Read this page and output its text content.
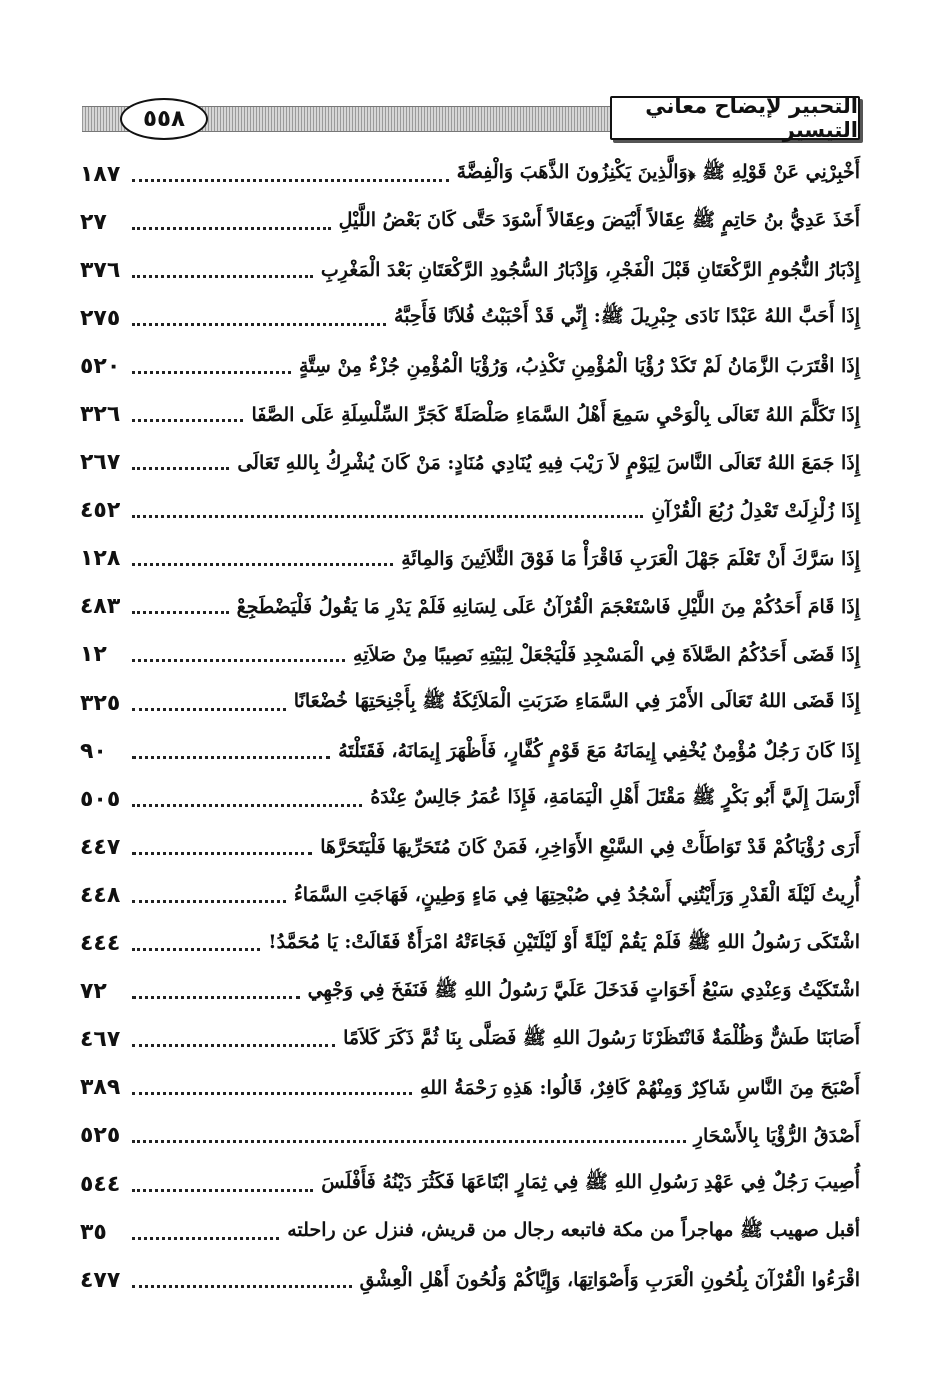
٥٥٨	التحبير لإيضاح معاني التيسير
أَخْبِرْنِي عَنْ قَوْلِهِ ﷺ ﴿وَالَّذِينَ يَكْنِزُونَ الذَّهَبَ وَالْفِضَّةَ
١٨٧
أَخَذَ عَدِيُّ بنُ حَاتِمٍ ﷺ عِقَالاً أَبْيَضَ وعِقَالاً أَسْوَدَ حَتَّى كَانَ بَعْضُ اللَّيْلِ
٢٧
إِدْبَارُ النُّجُومِ الرَّكْعَتَانِ قَبْلَ الْفَجْرِ، وَإِدْبَارُ السُّجُودِ الرَّكْعَتَانِ بَعْدَ الْمَغْرِبِ
٣٧٦
إِذَا أَحَبَّ اللهُ عَبْدًا نَادَى جِبْرِيلَ ﷺ: إِنِّي قَدْ أَحْبَبْتُ فُلاَنًا فَأَحِبَّهُ
٢٧٥
إِذَا اقْتَرَبَ الزَّمَانُ لَمْ تَكَدْ رُؤْيَا الْمُؤْمِنِ تَكْذِبُ، وَرُؤْيَا الْمُؤْمِنِ جُزْءٌ مِنْ سِتَّةٍ
٥٢٠
إِذَا تَكَلَّمَ اللهُ تَعَالَى بِالْوَحْيِ سَمِعَ أَهْلُ السَّمَاءِ صَلْصَلَةً كَجَرِّ السِّلْسِلَةِ عَلَى الصَّفَا
٣٢٦
إِذَا جَمَعَ اللهُ تَعَالَى النَّاسَ لِيَوْمٍ لاَ رَيْبَ فِيهِ يُنَادِي مُنَادٍ: مَنْ كَانَ يُشْرِكُ بِاللهِ تَعَالَى
٢٦٧
إِذَا زُلْزِلَتْ تَعْدِلُ رُبُعَ الْقُرْآنِ
٤٥٢
إِذَا سَرَّكَ أَنْ تَعْلَمَ جَهْلَ الْعَرَبِ فَاقْرَأْ مَا فَوْقَ الثَّلاَثِينَ وَالمِائَةِ
١٢٨
إِذَا قَامَ أَحَدُكُمْ مِنَ اللَّيْلِ فَاسْتَعْجَمَ الْقُرْآنُ عَلَى لِسَانِهِ فَلَمْ يَدْرِ مَا يَقُولُ فَلْيَضْطَجِعْ
٤٨٣
إِذَا قَضَى أَحَدُكُمُ الصَّلاَةَ فِي الْمَسْجِدِ فَلْيَجْعَلْ لِبَيْتِهِ نَصِيبًا مِنْ صَلاَتِهِ
١٢
إِذَا قَضَى اللهُ تَعَالَى الأَمْرَ فِي السَّمَاءِ ضَرَبَتِ الْمَلاَئِكَةُ ﷺ بِأَجْنِحَتِهَا خُضْعَانًا
٣٢٥
إِذَا كَانَ رَجُلٌ مُؤْمِنٌ يُخْفِي إِيمَانَهُ مَعَ قَوْمٍ كُفَّارٍ، فَأَظْهَرَ إِيمَانَهُ، فَقَتَلْتَهُ
٩٠
أَرْسَلَ إِلَيَّ أَبُو بَكْرٍ ﷺ مَقْتَلَ أَهْلِ الْيَمَامَةِ، فَإِذَا عُمَرُ جَالِسٌ عِنْدَهُ
٥٠٥
أَرَى رُؤْيَاكُمْ قَدْ تَوَاطَأَتْ فِي السَّبْعِ الأَوَاخِرِ، فَمَنْ كَانَ مُتَحَرِّيهَا فَلْيَتَحَرَّهَا
٤٤٧
أُرِيتُ لَيْلَةَ الْقَدْرِ وَرَأَيْتُنِي أَسْجُدُ فِي صُبْحِتِهَا فِي مَاءٍ وَطِينٍ، فَهَاجَتِ السَّمَاءُ
٤٤٨
اشْتَكَى رَسُولُ اللهِ ﷺ فَلَمْ يَقُمْ لَيْلَةً أَوْ لَيْلَتَيْنِ فَجَاءَتْهُ امْرَأَةٌ فَقَالَتْ: يَا مُحَمَّدُ!
٤٤٤
اشْتَكَيْتُ وَعِنْدِي سَبْعُ أَخَوَاتٍ فَدَخَلَ عَلَيَّ رَسُولُ اللهِ ﷺ فَنَفَخَ فِي وَجْهِي
٧٢
أَصَابَنَا طَشٌّ وَظُلْمَةٌ فَانْتَظَرْنَا رَسُولَ اللهِ ﷺ فَصَلَّى بِنَا ثُمَّ ذَكَرَ كَلاَمًا
٤٦٧
أَصْبَحَ مِنَ النَّاسِ شَاكِرٌ وَمِنْهُمْ كَافِرٌ، قَالُوا: هَذِهِ رَحْمَةُ اللهِ
٣٨٩
أَصْدَقُ الرُّؤْيَا بِالأَسْحَارِ
٥٢٥
أُصِيبَ رَجُلٌ فِي عَهْدِ رَسُولِ اللهِ ﷺ فِي ثِمَارٍ ابْتَاعَهَا فَكَثُرَ دَيْنُهُ فَأَفْلَسَ
٥٤٤
أقبل صهيب ﷺ مهاجراً من مكة فاتبعه رجال من قريش، فنزل عن راحلته
٣٥
اقْرَءُوا الْقُرْآنَ بِلُحُونِ الْعَرَبِ وَأَصْوَاتِهَا، وَإِيَّاكُمْ وَلُحُونَ أَهْلِ الْعِشْقِ
٤٧٧
